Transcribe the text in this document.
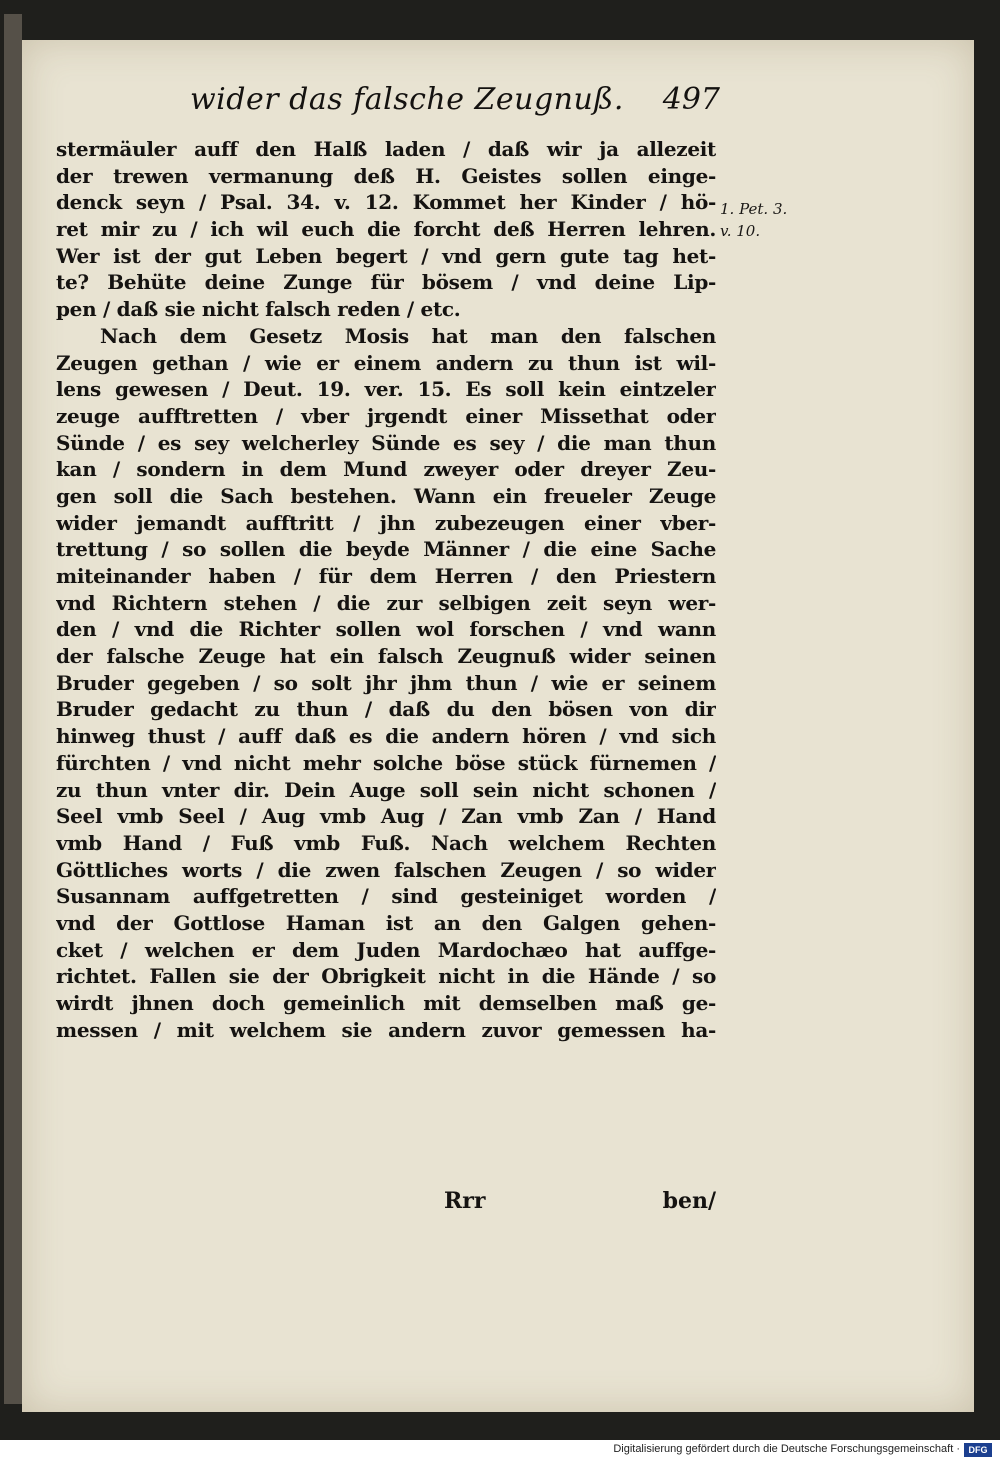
wider das falsche Zeugnuß. 497
1. Pet. 3.
v. 10.
stermäuler auff den Halß laden / daß wir ja allezeit
der trewen vermanung deß H. Geistes sollen einge-
denck seyn / Psal. 34. v. 12. Kommet her Kinder / hö-
ret mir zu / ich wil euch die forcht deß Herren lehren.
Wer ist der gut Leben begert / vnd gern gute tag het-
te? Behüte deine Zunge für bösem / vnd deine Lip-
pen / daß sie nicht falsch reden / etc.
Nach dem Gesetz Mosis hat man den falschen
Zeugen gethan / wie er einem andern zu thun ist wil-
lens gewesen / Deut. 19. ver. 15. Es soll kein eintzeler
zeuge aufftretten / vber jrgendt einer Missethat oder
Sünde / es sey welcherley Sünde es sey / die man thun
kan / sondern in dem Mund zweyer oder dreyer Zeu-
gen soll die Sach bestehen. Wann ein freueler Zeuge
wider jemandt aufftritt / jhn zubezeugen einer vber-
trettung / so sollen die beyde Männer / die eine Sache
miteinander haben / für dem Herren / den Priestern
vnd Richtern stehen / die zur selbigen zeit seyn wer-
den / vnd die Richter sollen wol forschen / vnd wann
der falsche Zeuge hat ein falsch Zeugnuß wider seinen
Bruder gegeben / so solt jhr jhm thun / wie er seinem
Bruder gedacht zu thun / daß du den bösen von dir
hinweg thust / auff daß es die andern hören / vnd sich
fürchten / vnd nicht mehr solche böse stück fürnemen /
zu thun vnter dir. Dein Auge soll sein nicht schonen /
Seel vmb Seel / Aug vmb Aug / Zan vmb Zan / Hand
vmb Hand / Fuß vmb Fuß. Nach welchem Rechten
Göttliches worts / die zwen falschen Zeugen / so wider
Susannam auffgetretten / sind gesteiniget worden /
vnd der Gottlose Haman ist an den Galgen gehen-
cket / welchen er dem Juden Mardochæo hat auffge-
richtet. Fallen sie der Obrigkeit nicht in die Hände / so
wirdt jhnen doch gemeinlich mit demselben maß ge-
messen / mit welchem sie andern zuvor gemessen ha-
Rrr	ben/
Digitalisierung gefördert durch die Deutsche Forschungsgemeinschaft · DFG
